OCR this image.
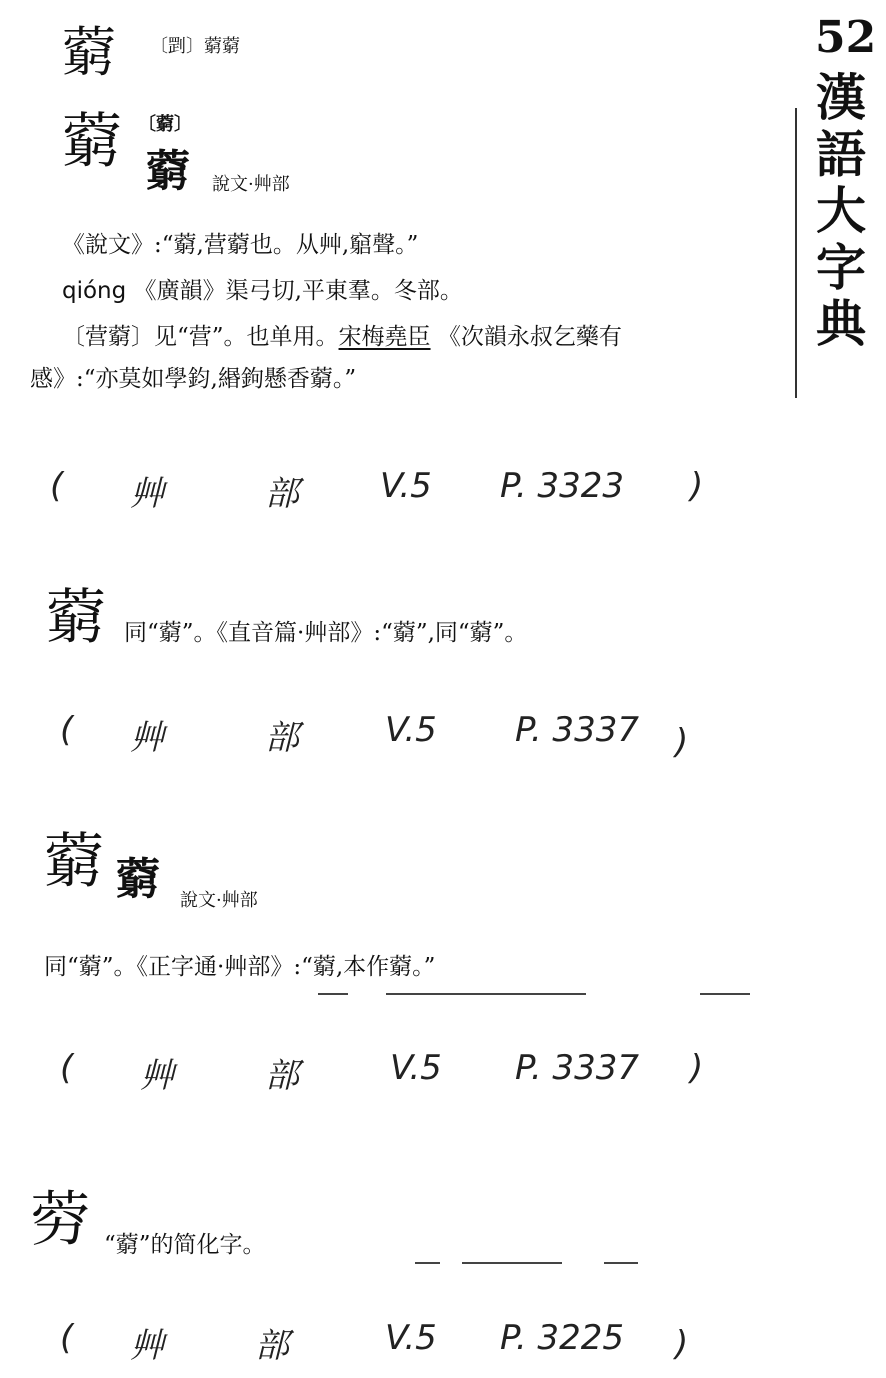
52
漢語大字典
藭 〔㓻〕藭藭
藭 〔藭〕
藭 說文·艸部
《說文》:“藭,营藭也。从艸,竆聲。”
qióng 《廣韻》渠弓切,平東羣。冬部。
〔营藭〕见“营”。也单用。宋梅堯臣 《次韻永叔乞藥有
感》:“亦莫如學鈞,緡鉤懸香藭。”
( 艸	部 V.5 P. 3323 )
藭 同“藭”。《直音篇·艸部》:“藭”,同“藭”。
( 艸	部	V.5 P. 3337 )
藭 藭 說文·艸部
同“藭”。《正字通·艸部》:“藭,本作藭。”
( 艸	部	V.5 P. 3337 )
䓖 “藭”的简化字。
( 艸	部	V.5 P. 3225 )
